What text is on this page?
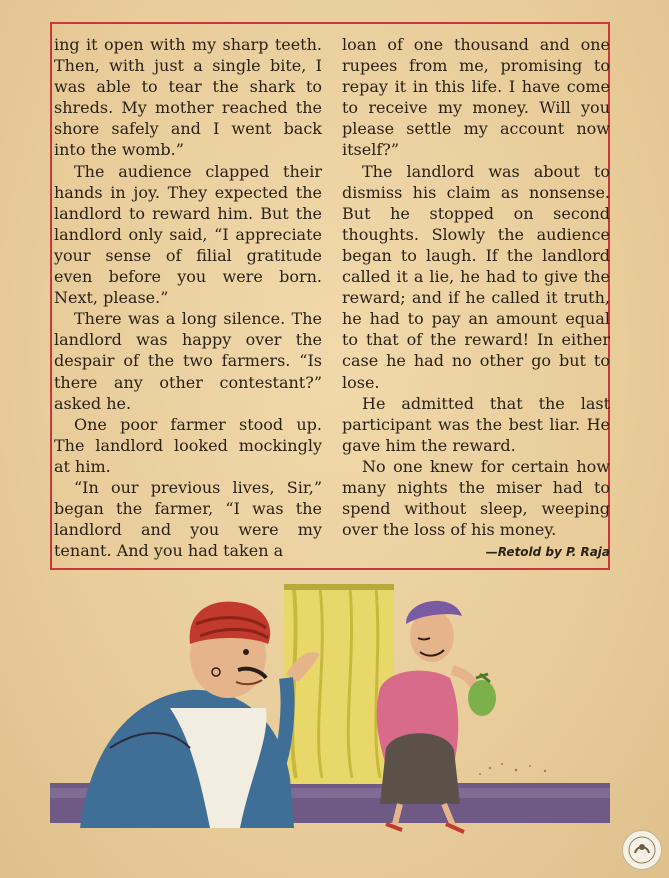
ing it open with my sharp teeth. Then, with just a single bite, I was able to tear the shark to shreds. My mother reached the shore safely and I went back into the womb.”

The audience clapped their hands in joy. They expected the landlord to reward him. But the landlord only said, “I appreciate your sense of filial gratitude even before you were born. Next, please.”

There was a long silence. The landlord was happy over the despair of the two farmers. “Is there any other contestant?” asked he.

One poor farmer stood up. The landlord looked mockingly at him.

“In our previous lives, Sir,” began the farmer, “I was the landlord and you were my tenant. And you had taken a

loan of one thousand and one rupees from me, promising to repay it in this life. I have come to receive my money. Will you please settle my account now itself?”

The landlord was about to dismiss his claim as nonsense. But he stopped on second thoughts. Slowly the audience began to laugh. If the landlord called it a lie, he had to give the reward; and if he called it truth, he had to pay an amount equal to that of the reward! In either case he had no other go but to lose.

He admitted that the last participant was the best liar. He gave him the reward.

No one knew for certain how many nights the miser had to spend without sleep, weeping over the loss of his money.

—Retold by P. Raja
